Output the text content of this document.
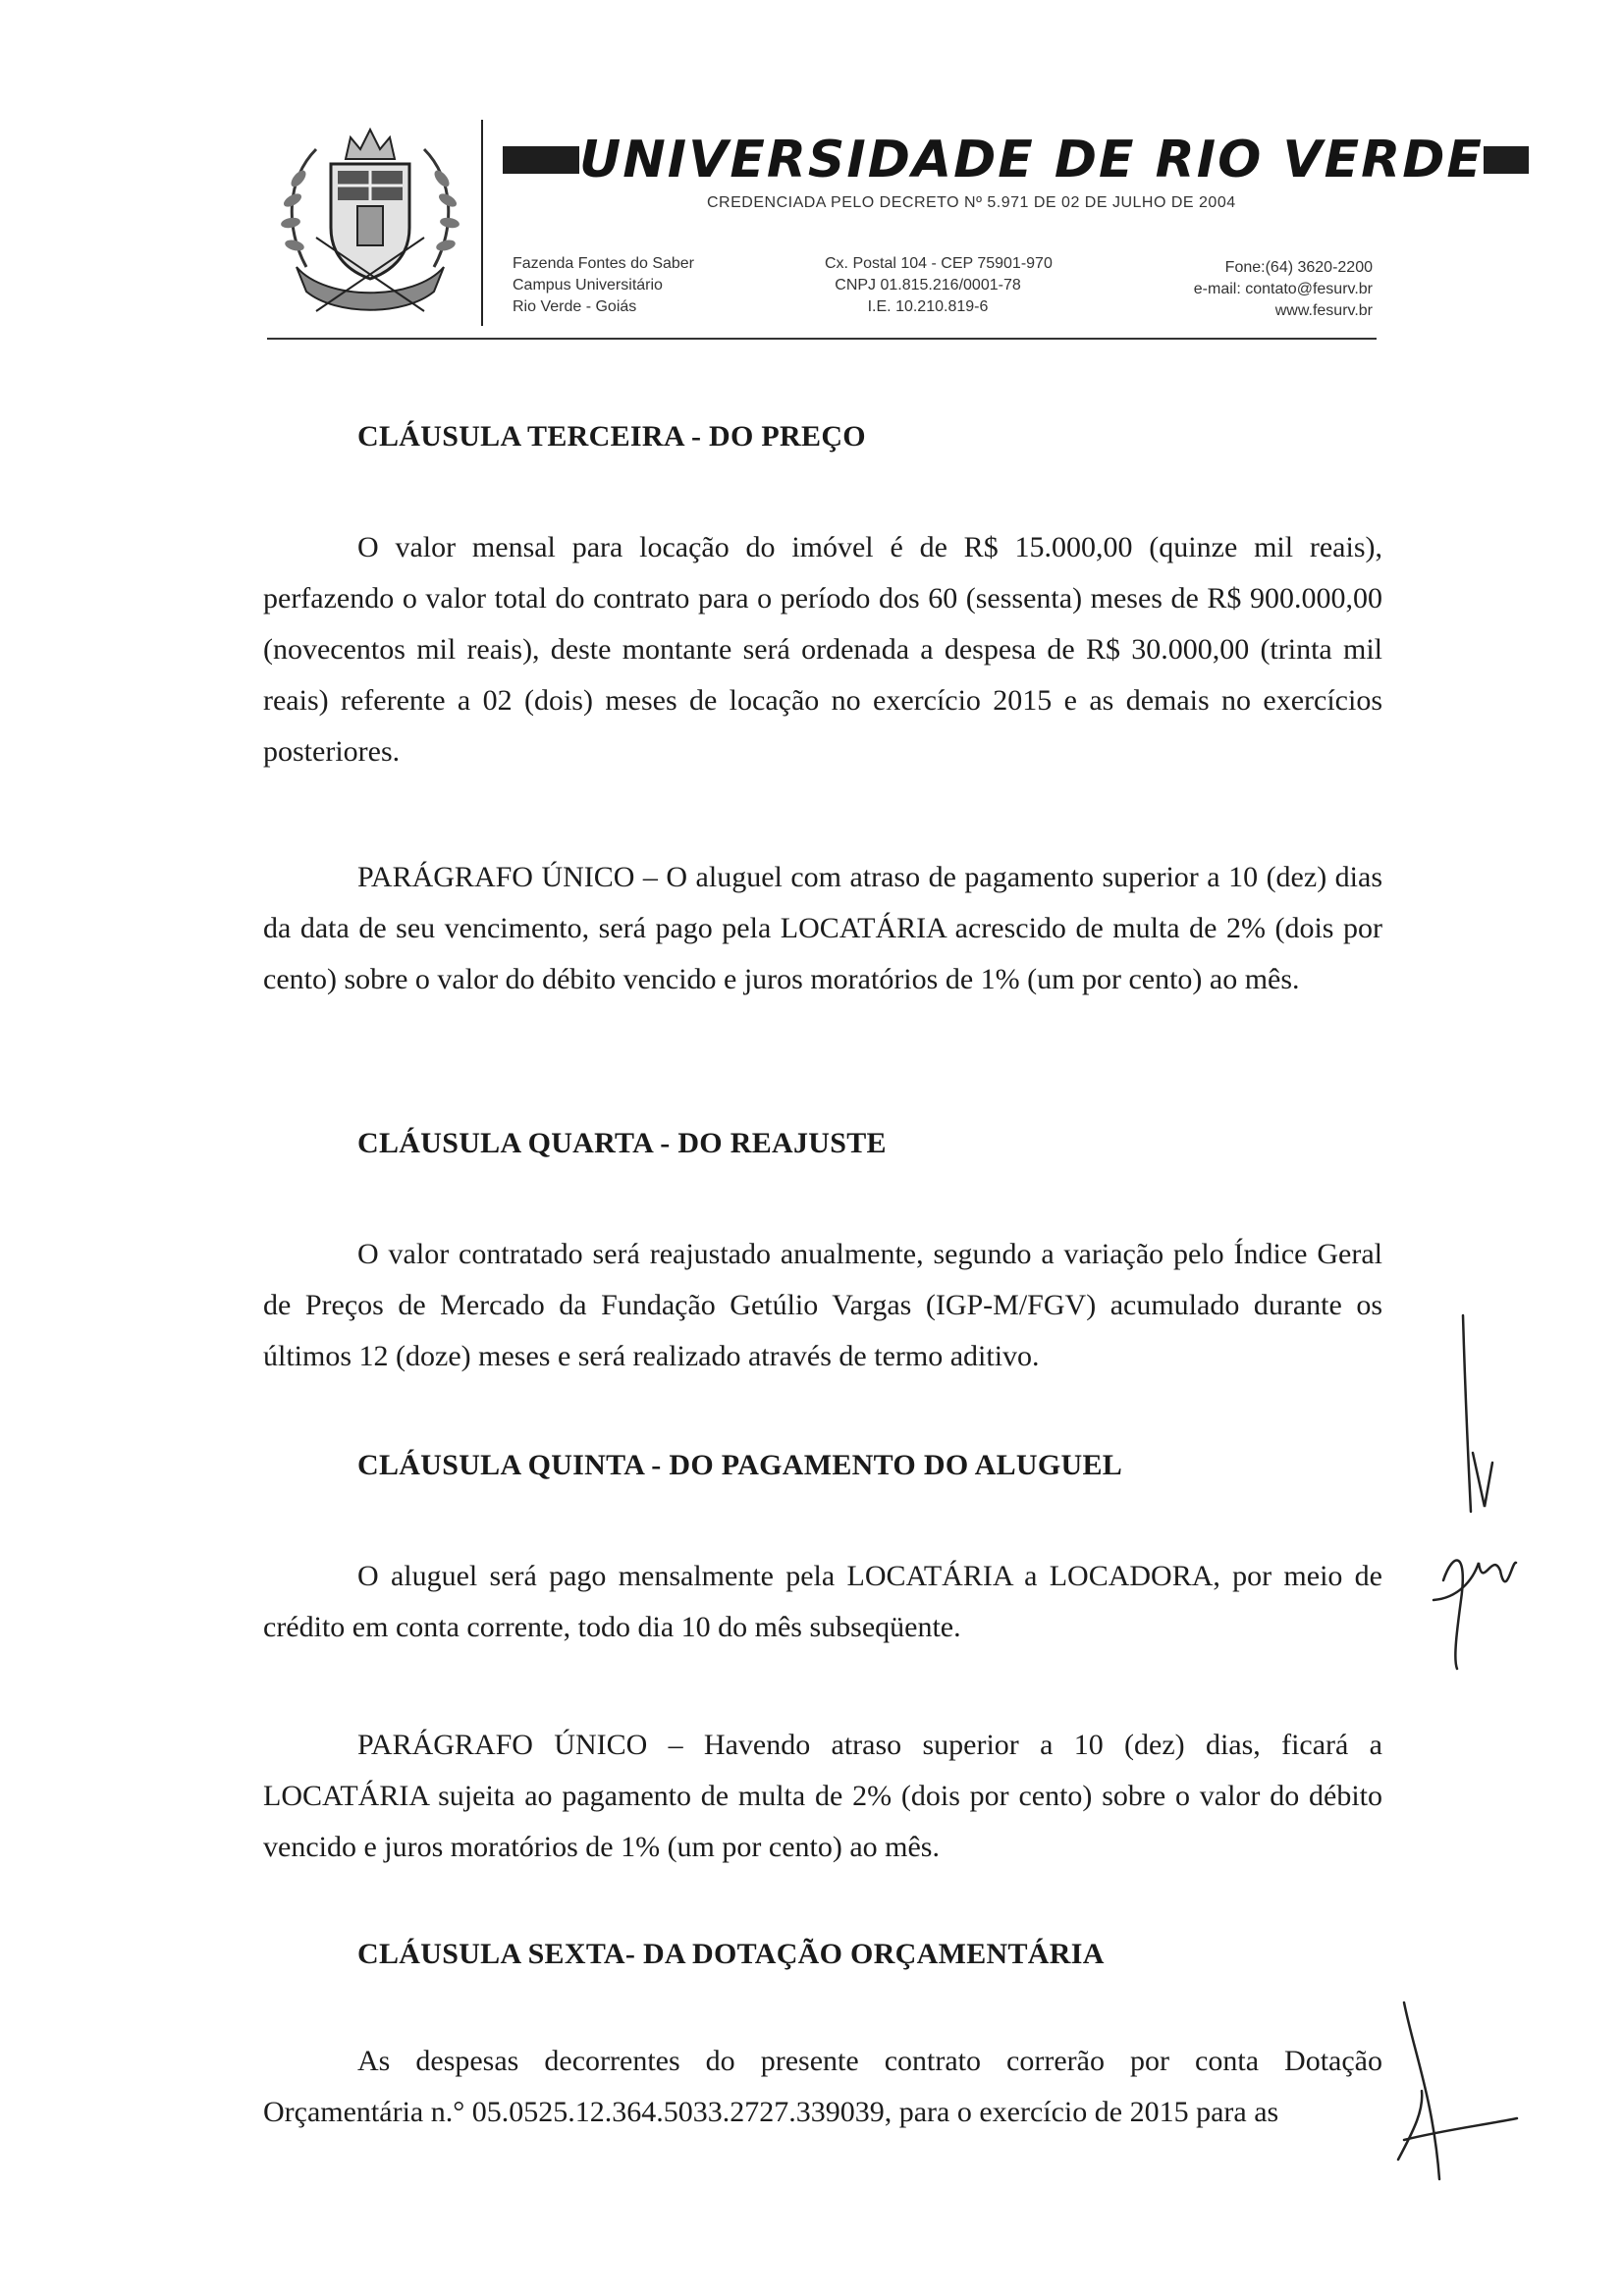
UNIVERSIDADE DE RIO VERDE
CREDENCIADA PELO DECRETO Nº 5.971 DE 02 DE JULHO DE 2004
Fazenda Fontes do Saber
Campus Universitário
Rio Verde - Goiás
Cx. Postal 104 - CEP 75901-970
CNPJ 01.815.216/0001-78
I.E. 10.210.819-6
Fone:(64) 3620-2200
e-mail: contato@fesurv.br
www.fesurv.br
CLÁUSULA TERCEIRA - DO PREÇO
O valor mensal para locação do imóvel é de R$ 15.000,00 (quinze mil reais), perfazendo o valor total do contrato para o período dos 60 (sessenta) meses de R$ 900.000,00 (novecentos mil reais), deste montante será ordenada a despesa de R$ 30.000,00 (trinta mil reais) referente a 02 (dois) meses de locação no exercício 2015 e as demais no exercícios posteriores.
PARÁGRAFO ÚNICO – O aluguel com atraso de pagamento superior a 10 (dez) dias da data de seu vencimento, será pago pela LOCATÁRIA acrescido de multa de 2% (dois por cento) sobre o valor do débito vencido e juros moratórios de 1% (um por cento) ao mês.
CLÁUSULA QUARTA - DO REAJUSTE
O valor contratado será reajustado anualmente, segundo a variação pelo Índice Geral de Preços de Mercado da Fundação Getúlio Vargas (IGP-M/FGV) acumulado durante os últimos 12 (doze) meses e será realizado através de termo aditivo.
CLÁUSULA QUINTA - DO PAGAMENTO DO ALUGUEL
O aluguel será pago mensalmente pela LOCATÁRIA a LOCADORA, por meio de crédito em conta corrente, todo dia 10 do mês subseqüente.
PARÁGRAFO ÚNICO – Havendo atraso superior a 10 (dez) dias, ficará a LOCATÁRIA sujeita ao pagamento de multa de 2% (dois por cento) sobre o valor do débito vencido e juros moratórios de 1% (um por cento) ao mês.
CLÁUSULA SEXTA- DA DOTAÇÃO ORÇAMENTÁRIA
As despesas decorrentes do presente contrato correrão por conta Dotação Orçamentária n.° 05.0525.12.364.5033.2727.339039, para o exercício de 2015 para as
